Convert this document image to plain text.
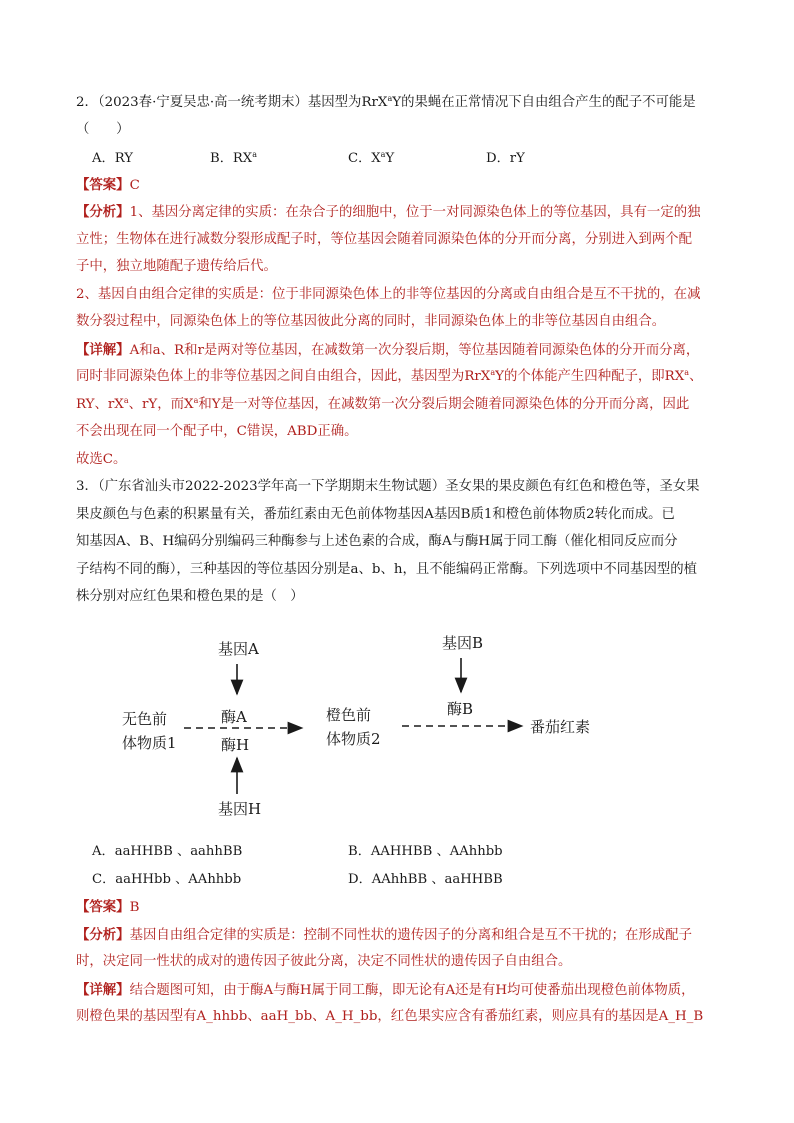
2．（2023春·宁夏吴忠·高一统考期末）基因型为RrX$^a$Y的果蝇在正常情况下自由组合产生的配子不可能是
（　　）
A．RY	B．$RX^a$	C．$X^aY$	D．rY
【答案】C
【分析】1、基因分离定律的实质：在杂合子的细胞中，位于一对同源染色体上的等位基因，具有一定的独
立性；生物体在进行减数分裂形成配子时，等位基因会随着同源染色体的分开而分离，分别进入到两个配
子中，独立地随配子遗传给后代。
2、基因自由组合定律的实质是：位于非同源染色体上的非等位基因的分离或自由组合是互不干扰的，在减
数分裂过程中，同源染色体上的等位基因彼此分离的同时，非同源染色体上的非等位基因自由组合。
【详解】A和a、R和r是两对等位基因，在减数第一次分裂后期，等位基因随着同源染色体的分开而分离，
同时非同源染色体上的非等位基因之间自由组合，因此，基因型为RrX$^a$Y的个体能产生四种配子，即$RX^a$、
RY、$rX^a$、rY，而$X^a$和Y是一对等位基因，在减数第一次分裂后期会随着同源染色体的分开而分离，因此
不会出现在同一个配子中，C错误，ABD正确。
故选C。
3．（广东省汕头市2022-2023学年高一下学期期末生物试题）圣女果的果皮颜色有红色和橙色等，圣女果
果皮颜色与色素的积累量有关，番茄红素由无色前体物基因A基因B质1和橙色前体物质2转化而成。已
知基因A、B、H编码分别编码三种酶参与上述色素的合成，酶A与酶H属于同工酶（催化相同反应而分
子结构不同的酶），三种基因的等位基因分别是a、b、h，且不能编码正常酶。下列选项中不同基因型的植
株分别对应红色果和橙色果的是（　）
基因A	基因B
基因H
无色前
体物质1
橙色前
体物质2
酶A
酶H
酶B
番茄红素
A．aaHHBB 、aahhBB	B．AAHHBB 、AAhhbb
C．aaHHbb 、AAhhbb	D．AAhhBB 、aaHHBB
【答案】B
【分析】基因自由组合定律的实质是：控制不同性状的遗传因子的分离和组合是互不干扰的；在形成配子
时，决定同一性状的成对的遗传因子彼此分离，决定不同性状的遗传因子自由组合。
【详解】结合题图可知，由于酶A与酶H属于同工酶，即无论有A还是有H均可使番茄出现橙色前体物质，
则橙色果的基因型有A_hhbb、aaH_bb、A_H_bb，红色果实应含有番茄红素，则应具有的基因是A_H_B
